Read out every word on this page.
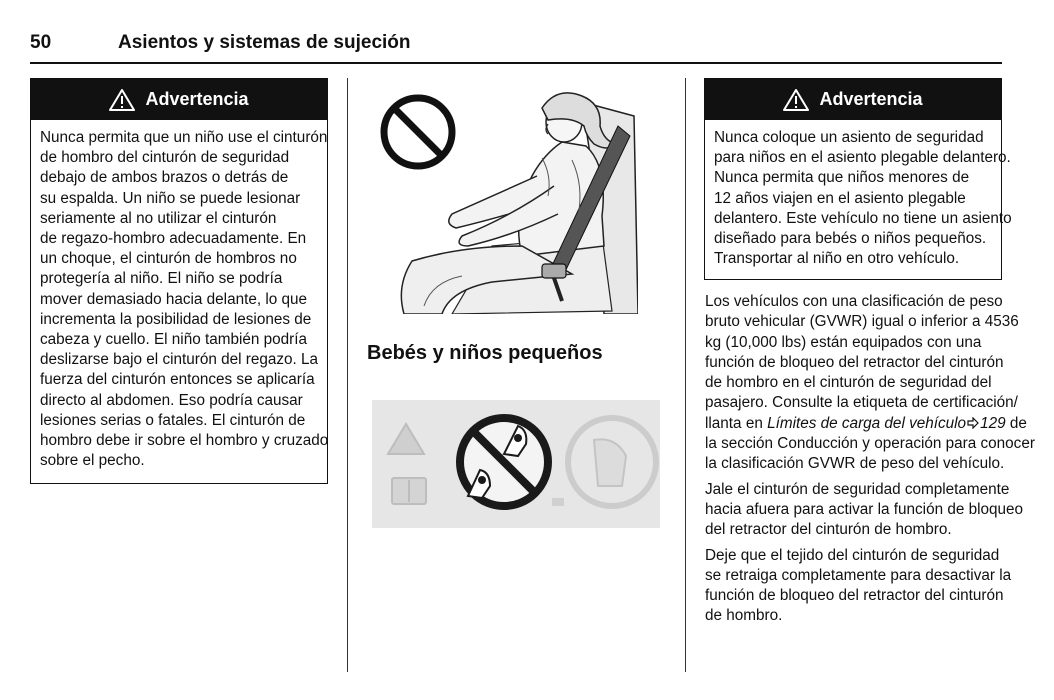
50	Asientos y sistemas de sujeción
Advertencia

Nunca permita que un niño use el cinturón

de hombro del cinturón de seguridad

debajo de ambos brazos o detrás de

su espalda. Un niño se puede lesionar

seriamente al no utilizar el cinturón

de regazo-hombro adecuadamente. En

un choque, el cinturón de hombros no

protegería al niño. El niño se podría

mover demasiado hacia delante, lo que

incrementa la posibilidad de lesiones de

cabeza y cuello. El niño también podría

deslizarse bajo el cinturón del regazo. La

fuerza del cinturón entonces se aplicaría

directo al abdomen. Eso podría causar

lesiones serias o fatales. El cinturón de

hombro debe ir sobre el hombro y cruzado

sobre el pecho.

Bebés y niños pequeños
Advertencia

Nunca coloque un asiento de seguridad

para niños en el asiento plegable delantero.

Nunca permita que niños menores de

12 años viajen en el asiento plegable

delantero. Este vehículo no tiene un asiento

diseñado para bebés o niños pequeños.

Transportar al niño en otro vehículo.

Los vehículos con una clasificación de peso
bruto vehicular (GVWR) igual o inferior a 4536
kg (10,000 lbs) están equipados con una
función de bloqueo del retractor del cinturón
de hombro en el cinturón de seguridad del
pasajero. Consulte la etiqueta de certificación/
llanta en Límites de carga del vehículo 129 de
la sección Conducción y operación para conocer
la clasificación GVWR de peso del vehículo.

Jale el cinturón de seguridad completamente
hacia afuera para activar la función de bloqueo
del retractor del cinturón de hombro.

Deje que el tejido del cinturón de seguridad
se retraiga completamente para desactivar la
función de bloqueo del retractor del cinturón
de hombro.
